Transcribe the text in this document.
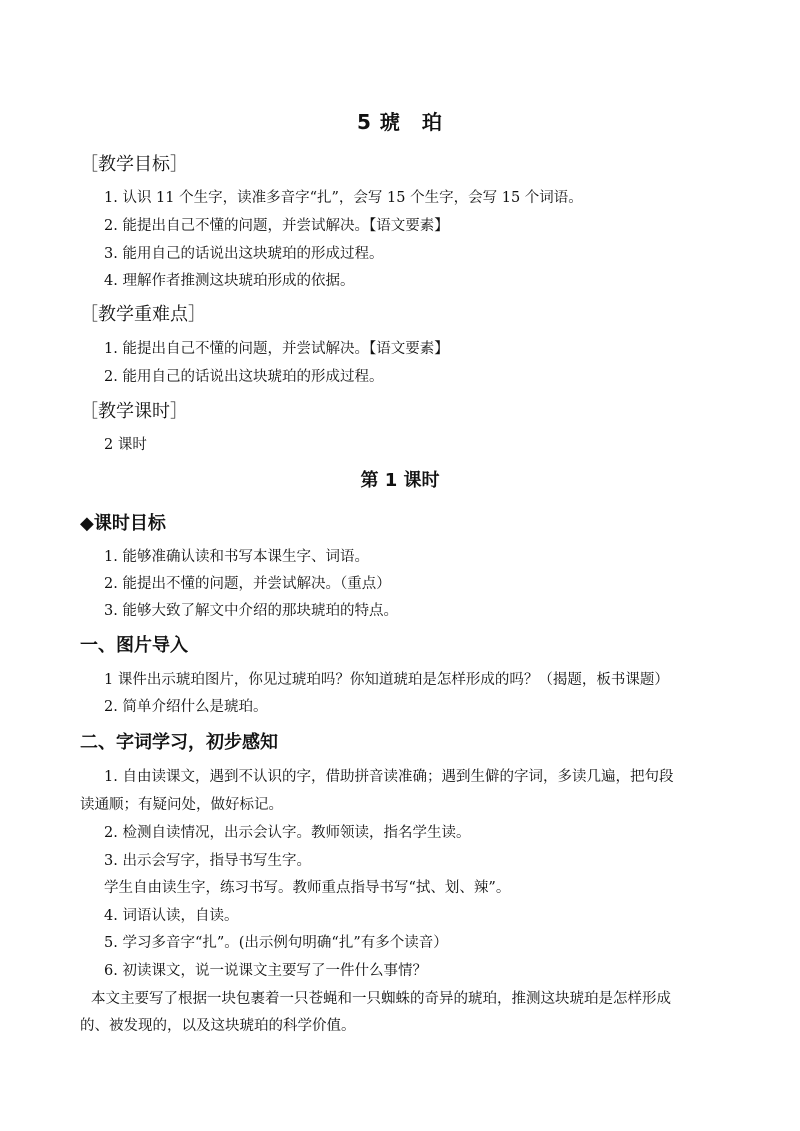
5 琥　珀
［教学目标］
1. 认识 11 个生字，读准多音字“扎”，会写 15 个生字，会写 15 个词语。
2. 能提出自己不懂的问题，并尝试解决。【语文要素】
3. 能用自己的话说出这块琥珀的形成过程。
4. 理解作者推测这块琥珀形成的依据。
［教学重难点］
1. 能提出自己不懂的问题，并尝试解决。【语文要素】
2. 能用自己的话说出这块琥珀的形成过程。
［教学课时］
2 课时
第 1 课时
◆课时目标
1. 能够准确认读和书写本课生字、词语。
2. 能提出不懂的问题，并尝试解决。（重点）
3. 能够大致了解文中介绍的那块琥珀的特点。
一、图片导入
1 课件出示琥珀图片，你见过琥珀吗？你知道琥珀是怎样形成的吗？（揭题，板书课题）
2. 简单介绍什么是琥珀。
二、字词学习，初步感知
1. 自由读课文，遇到不认识的字，借助拼音读准确；遇到生僻的字词，多读几遍，把句段
读通顺；有疑问处，做好标记。
2. 检测自读情况，出示会认字。教师领读，指名学生读。
3. 出示会写字，指导书写生字。
学生自由读生字，练习书写。教师重点指导书写“拭、划、辣”。
4. 词语认读，自读。
5. 学习多音字“扎”。(出示例句明确“扎”有多个读音）
6. 初读课文，说一说课文主要写了一件什么事情？
本文主要写了根据一块包裹着一只苍蝇和一只蜘蛛的奇异的琥珀，推测这块琥珀是怎样形成
的、被发现的，以及这块琥珀的科学价值。
